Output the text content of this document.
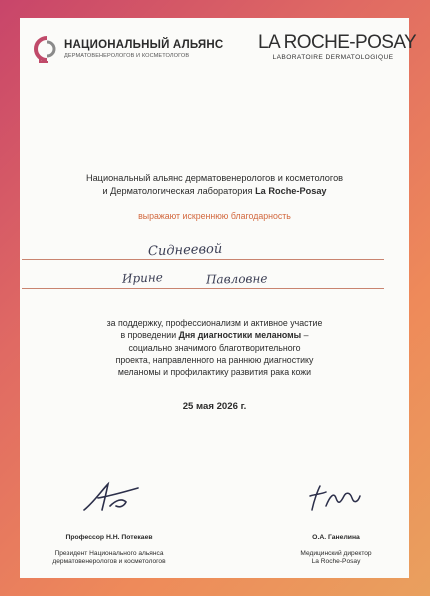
НАЦИОНАЛЬНЫЙ АЛЬЯНС
ДЕРМАТОВЕНЕРОЛОГОВ И КОСМЕТОЛОГОВ
LA ROCHE-POSAY
LABORATOIRE DERMATOLOGIQUE
Национальный альянс дерматовенерологов и косметологов
и Дерматологическая лаборатория La Roche-Posay
выражают искреннюю благодарность
Сиднеевой
Ирине	Павловне
за поддержку, профессионализм и активное участие
в проведении Дня диагностики меланомы –
социально значимого благотворительного
проекта, направленного на раннюю диагностику
меланомы и профилактику развития рака кожи
25 мая 2026 г.
Профессор Н.Н. Потекаев
Президент Национального альянса
дерматовенерологов и косметологов
О.А. Ганелина
Медицинский директор
La Roche-Posay
